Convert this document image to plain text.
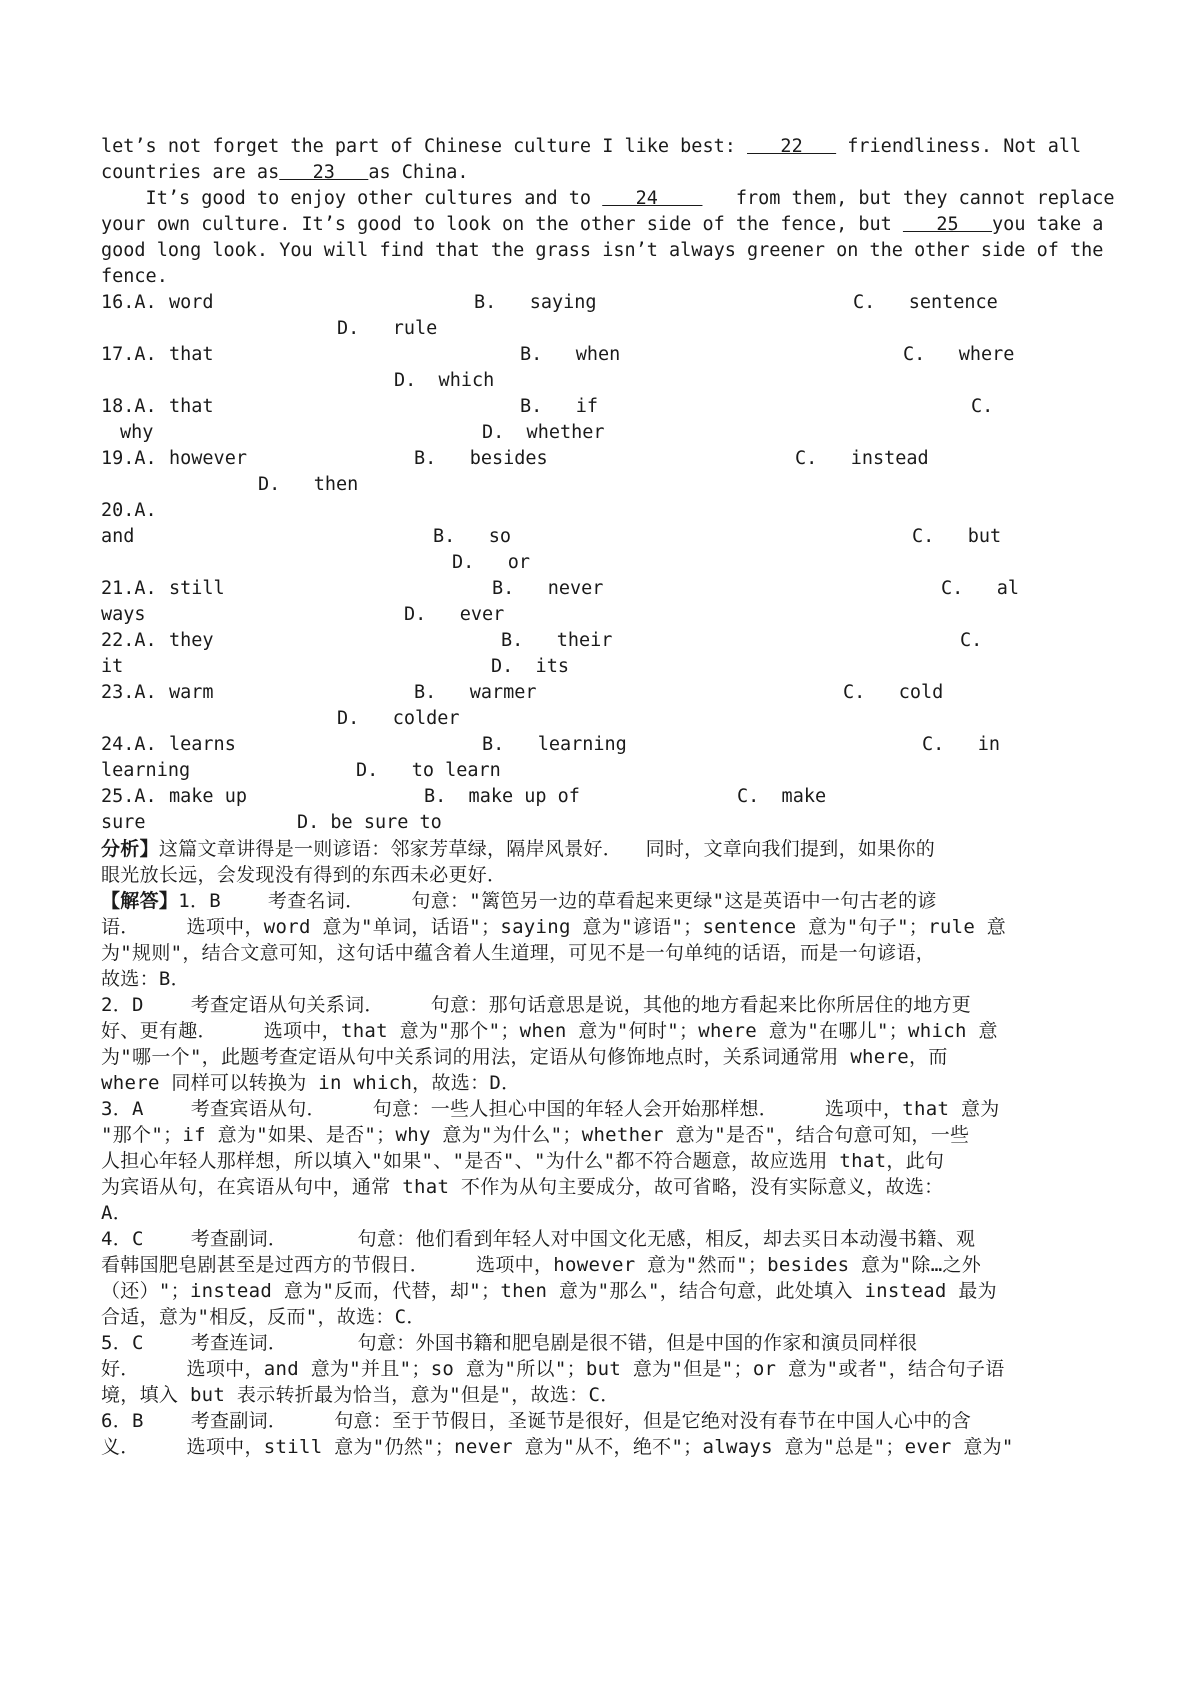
let’s not forget the part of Chinese culture I like best:    22    friendliness. Not all
countries are as   23   as China.
It’s good to enjoy other cultures and to    24       from them, but they cannot replace
your own culture. It’s good to look on the other side of the fence, but    25   you take a
good long look. You will find that the grass isn’t always greener on the other side of the
fence.
16.A. word	B.   saying	C.   sentence
D.   rule
17.A. that	B.   when	C.   where
D.  which
18.A. that	B.   if	C.
why	D.  whether
19.A. however	B.   besides	C.   instead
D.   then
20.A.
and	B.   so	C.   but
D.   or
21.A. still	B.   never	C.   al
ways	D.   ever
22.A. they	B.   their	C.
it	D.  its
23.A. warm	B.   warmer	C.   cold
D.   colder
24.A. learns	B.   learning	C.   in
learning	D.   to learn
25.A. make up	B.  make up of	C.  make
sure	D. be sure to
分析】这篇文章讲得是一则谚语：邻家芳草绿，隔岸风景好．  同时，文章向我们提到，如果你的
眼光放长远，会发现没有得到的东西未必更好．
【解答】1．B    考查名词．    句意："篱笆另一边的草看起来更绿"这是英语中一句古老的谚
语．    选项中，word 意为"单词，话语"；saying 意为"谚语"；sentence 意为"句子"；rule 意
为"规则"，结合文意可知，这句话中蕴含着人生道理，可见不是一句单纯的话语，而是一句谚语，
故选：B．
2．D    考查定语从句关系词．    句意：那句话意思是说，其他的地方看起来比你所居住的地方更
好、更有趣．    选项中，that 意为"那个"；when 意为"何时"；where 意为"在哪儿"；which 意
为"哪一个"，此题考查定语从句中关系词的用法，定语从句修饰地点时，关系词通常用 where，而
where 同样可以转换为 in which，故选：D．
3．A    考查宾语从句．    句意：一些人担心中国的年轻人会开始那样想．    选项中，that 意为
"那个"；if 意为"如果、是否"；why 意为"为什么"；whether 意为"是否"，结合句意可知，一些
人担心年轻人那样想，所以填入"如果"、"是否"、"为什么"都不符合题意，故应选用 that，此句
为宾语从句，在宾语从句中，通常 that 不作为从句主要成分，故可省略，没有实际意义，故选：
A．
4．C    考查副词．      句意：他们看到年轻人对中国文化无感，相反，却去买日本动漫书籍、观
看韩国肥皂剧甚至是过西方的节假日．    选项中，however 意为"然而"；besides 意为"除…之外
（还）"；instead 意为"反而，代替，却"；then 意为"那么"，结合句意，此处填入 instead 最为
合适，意为"相反，反而"，故选：C．
5．C    考查连词．      句意：外国书籍和肥皂剧是很不错，但是中国的作家和演员同样很
好．    选项中，and 意为"并且"；so 意为"所以"；but 意为"但是"；or 意为"或者"，结合句子语
境，填入 but 表示转折最为恰当，意为"但是"，故选：C．
6．B    考查副词．    句意：至于节假日，圣诞节是很好，但是它绝对没有春节在中国人心中的含
义．    选项中，still 意为"仍然"；never 意为"从不，绝不"；always 意为"总是"；ever 意为"
